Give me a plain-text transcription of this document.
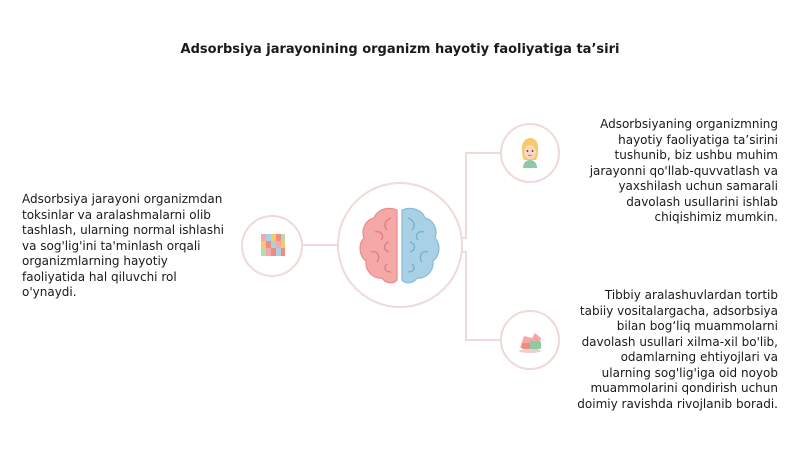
Adsorbsiya jarayonining organizm hayotiy faoliyatiga ta’siri
Adsorbsiya jarayoni organizmdan toksinlar va aralashmalarni olib tashlash, ularning normal ishlashi va sog'lig'ini ta'minlash orqali organizmlarning hayotiy faoliyatida hal qiluvchi rol o'ynaydi.
Adsorbsiyaning organizmning hayotiy faoliyatiga ta’sirini tushunib, biz ushbu muhim jarayonni qo'llab-quvvatlash va yaxshilash uchun samarali davolash usullarini ishlab chiqishimiz mumkin.
Tibbiy aralashuvlardan tortib tabiiy vositalargacha, adsorbsiya bilan bog‘liq muammolarni davolash usullari xilma-xil bo'lib, odamlarning ehtiyojlari va ularning sog'lig'iga oid noyob muammolarini qondirish uchun doimiy ravishda rivojlanib boradi.
